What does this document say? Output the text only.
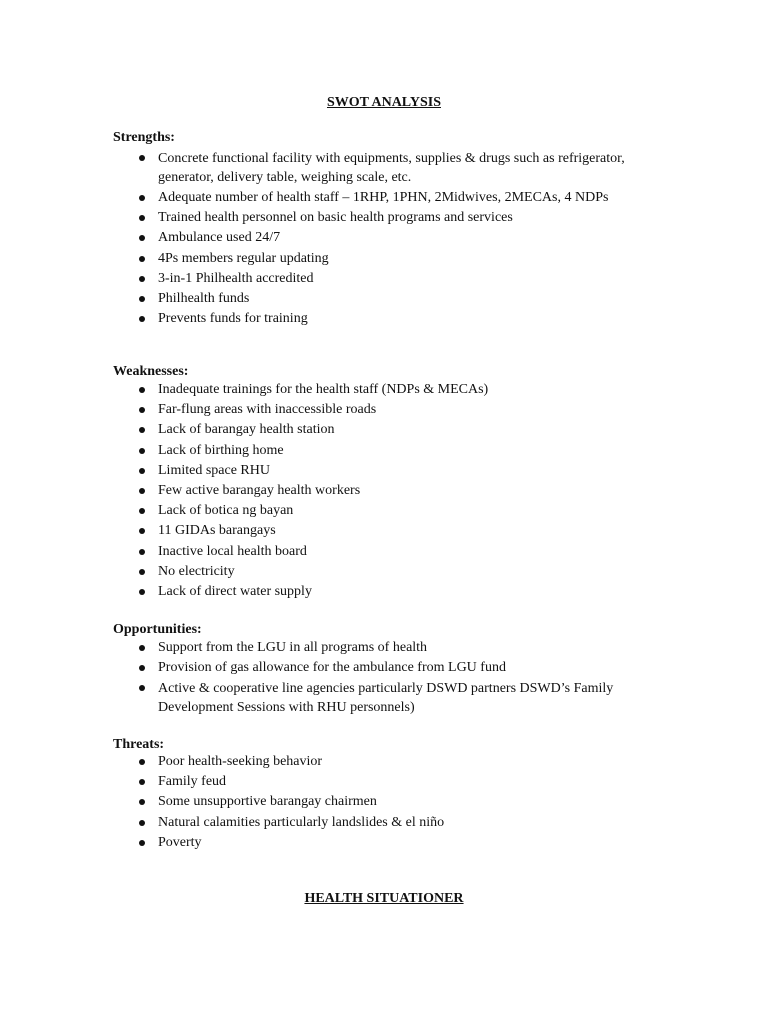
SWOT ANALYSIS
Strengths:
Concrete functional facility with equipments, supplies & drugs such as refrigerator, generator, delivery table, weighing scale, etc.
Adequate number of health staff – 1RHP, 1PHN, 2Midwives, 2MECAs, 4 NDPs
Trained health personnel on basic health programs and services
Ambulance used 24/7
4Ps members regular updating
3-in-1 Philhealth accredited
Philhealth funds
Prevents funds for training
Weaknesses:
Inadequate trainings for the health staff (NDPs & MECAs)
Far-flung areas with inaccessible roads
Lack of barangay health station
Lack of birthing home
Limited space RHU
Few active barangay health workers
Lack of botica ng bayan
11 GIDAs barangays
Inactive local health board
No electricity
Lack of direct water supply
Opportunities:
Support from the LGU in all programs of health
Provision of gas allowance for the ambulance from LGU fund
Active & cooperative line agencies particularly DSWD partners DSWD’s Family Development Sessions with RHU personnels)
Threats:
Poor health-seeking behavior
Family feud
Some unsupportive barangay chairmen
Natural calamities particularly landslides & el niño
Poverty
HEALTH SITUATIONER
